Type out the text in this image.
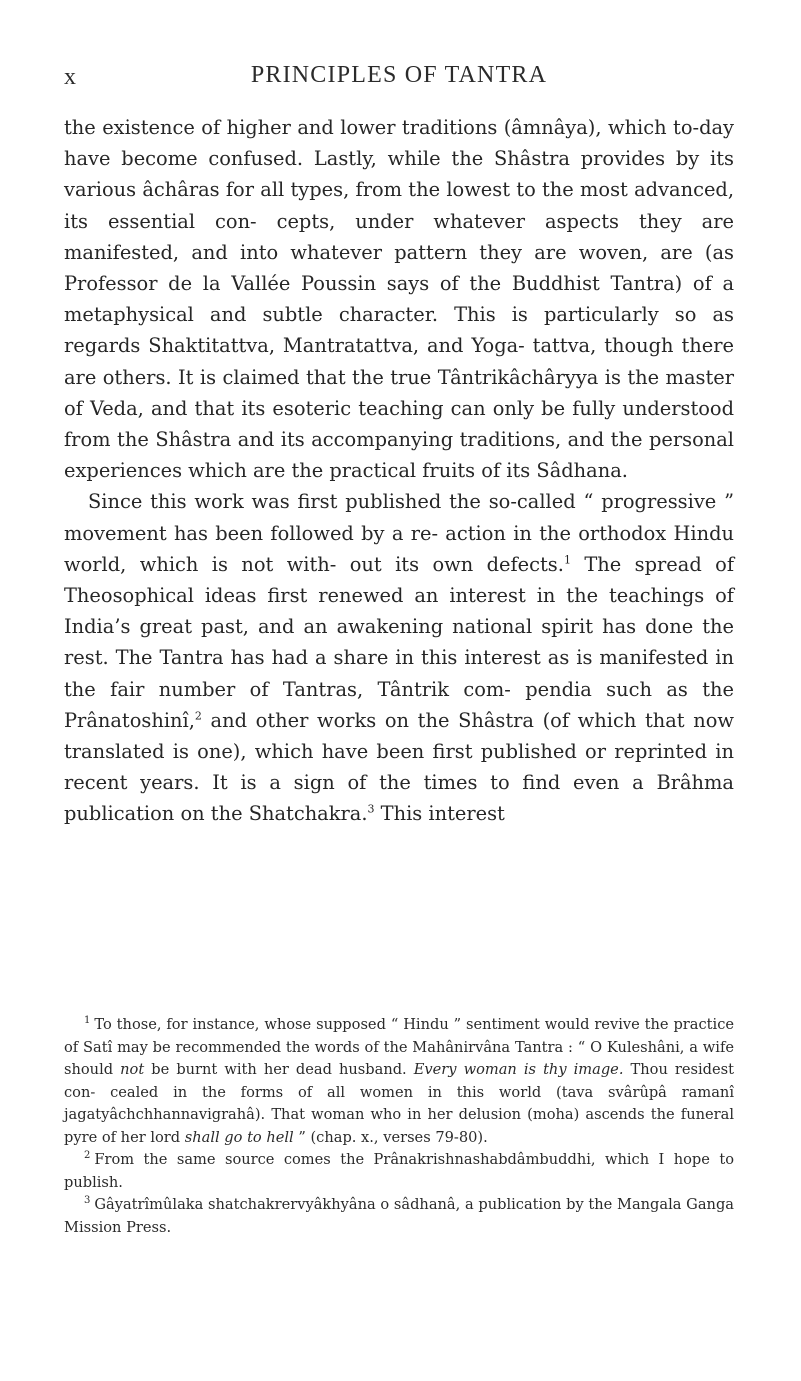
x	PRINCIPLES OF TANTRA

the existence of higher and lower traditions (âmnâya), which to-day have become confused. Lastly, while the Shâstra provides by its various âchâras for all types, from the lowest to the most advanced, its essential con- cepts, under whatever aspects they are manifested, and into whatever pattern they are woven, are (as Professor de la Vallée Poussin says of the Buddhist Tantra) of a metaphysical and subtle character. This is particularly so as regards Shaktitattva, Mantratattva, and Yoga- tattva, though there are others. It is claimed that the true Tântrikâchâryya is the master of Veda, and that its esoteric teaching can only be fully understood from the Shâstra and its accompanying traditions, and the personal experiences which are the practical fruits of its Sâdhana.

Since this work was first published the so-called “ progressive ” movement has been followed by a re- action in the orthodox Hindu world, which is not with- out its own defects.$^1$ The spread of Theosophical ideas first renewed an interest in the teachings of India’s great past, and an awakening national spirit has done the rest. The Tantra has had a share in this interest as is manifested in the fair number of Tantras, Tântrik com- pendia such as the Prânatoshinî,$^2$ and other works on the Shâstra (of which that now translated is one), which have been first published or reprinted in recent years. It is a sign of the times to find even a Brâhma publication on the Shatchakra.$^3$ This interest

$^1$ To those, for instance, whose supposed “ Hindu ” sentiment would revive the practice of Satî may be recommended the words of the Mahânirvâna Tantra : “ O Kuleshâni, a wife should not be burnt with her dead husband. Every woman is thy image. Thou residest con- cealed in the forms of all women in this world (tava svârûpâ ramanî jagatyâchchhannavigrahâ). That woman who in her delusion (moha) ascends the funeral pyre of her lord shall go to hell ” (chap. x., verses 79-80).

$^2$ From the same source comes the Prânakrishnashabdâmbuddhi, which I hope to publish.

$^3$ Gâyatrîmûlaka shatchakrervyâkhyâna o sâdhanâ, a publication by the Mangala Ganga Mission Press.
